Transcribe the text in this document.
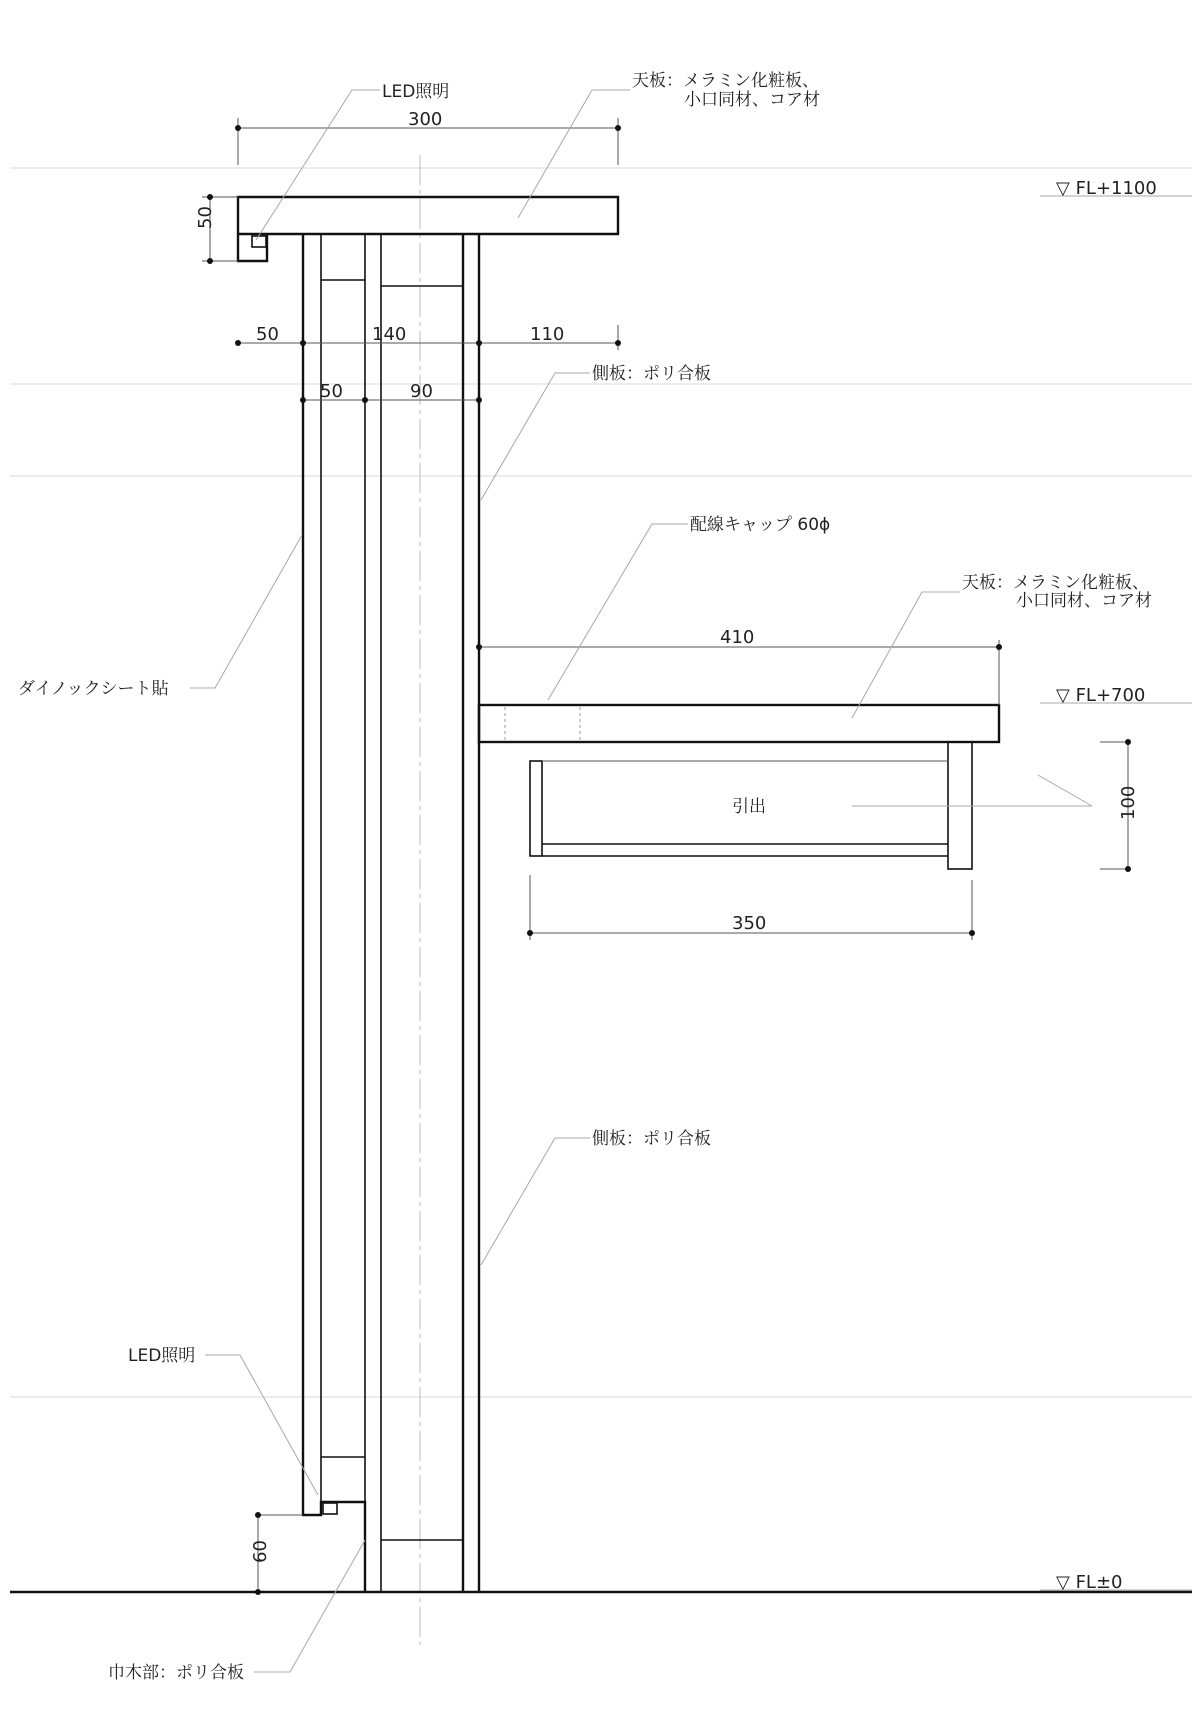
LED照明
天板：メラミン化粧板、
小口同材、コア材
側板：ポリ合板
配線キャップ 60ϕ
天板：メラミン化粧板、
小口同材、コア材
ダイノックシート貼
引出
側板：ポリ合板
LED照明
巾木部：ポリ合板
▽ FL+1100
▽ FL+700
▽ FL±0
300
50
50	140	110
50	90
410
100
350
60
